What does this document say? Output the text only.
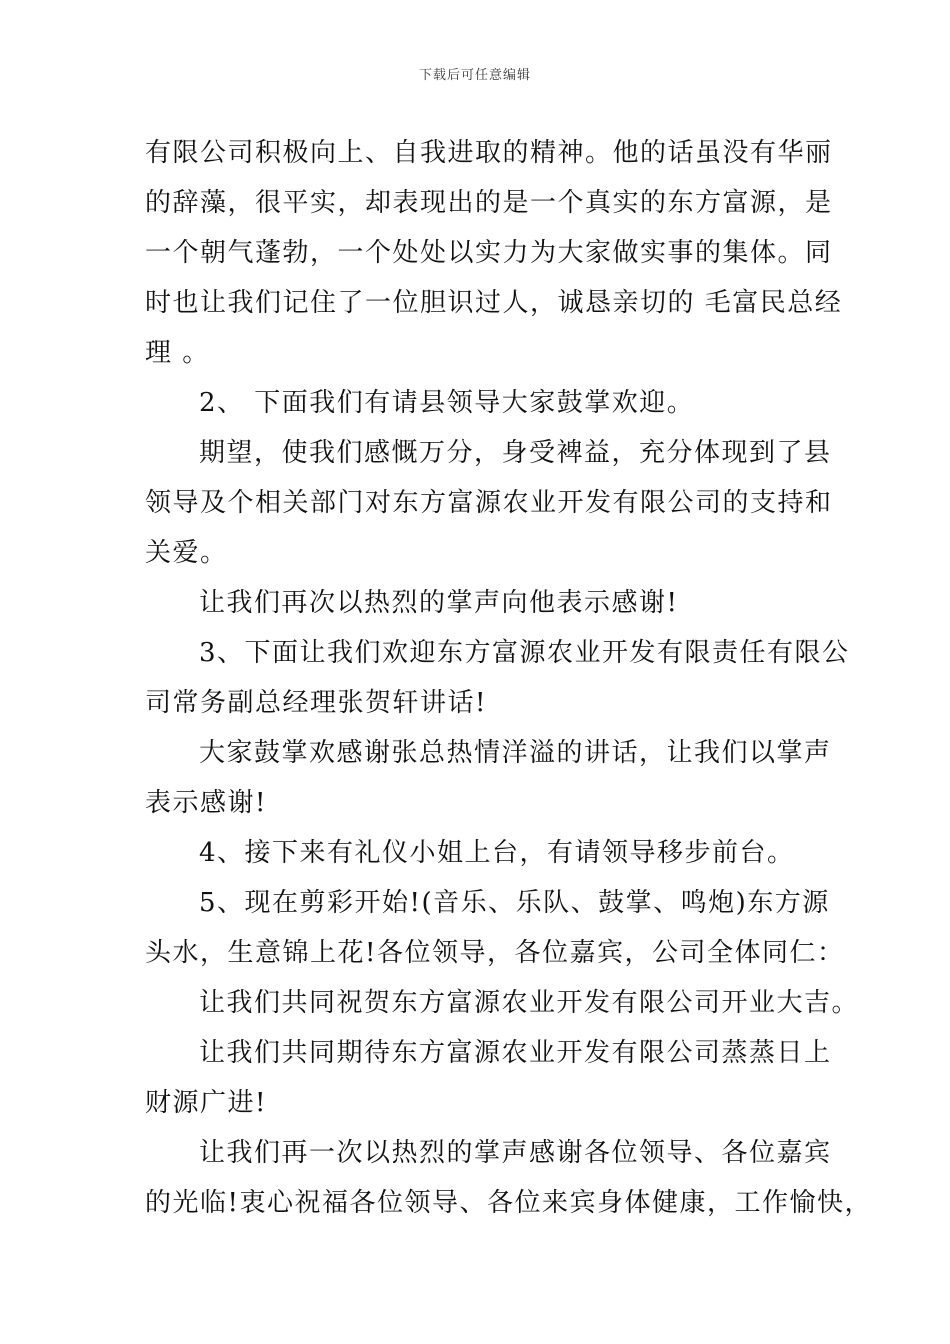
下载后可任意编辑
有限公司积极向上、自我进取的精神。他的话虽没有华丽
的辞藻，很平实，却表现出的是一个真实的东方富源，是
一个朝气蓬勃，一个处处以实力为大家做实事的集体。同
时也让我们记住了一位胆识过人，诚恳亲切的 毛富民总经
理 。
2、 下面我们有请县领导大家鼓掌欢迎。
期望，使我们感慨万分，身受裨益，充分体现到了县
领导及个相关部门对东方富源农业开发有限公司的支持和
关爱。
让我们再次以热烈的掌声向他表示感谢!
3、下面让我们欢迎东方富源农业开发有限责任有限公
司常务副总经理张贺轩讲话!
大家鼓掌欢感谢张总热情洋溢的讲话，让我们以掌声
表示感谢!
4、接下来有礼仪小姐上台，有请领导移步前台。
5、现在剪彩开始!(音乐、乐队、鼓掌、鸣炮)东方源
头水，生意锦上花!各位领导，各位嘉宾，公司全体同仁：
让我们共同祝贺东方富源农业开发有限公司开业大吉。
让我们共同期待东方富源农业开发有限公司蒸蒸日上
财源广进!
让我们再一次以热烈的掌声感谢各位领导、各位嘉宾
的光临!衷心祝福各位领导、各位来宾身体健康，工作愉快，
